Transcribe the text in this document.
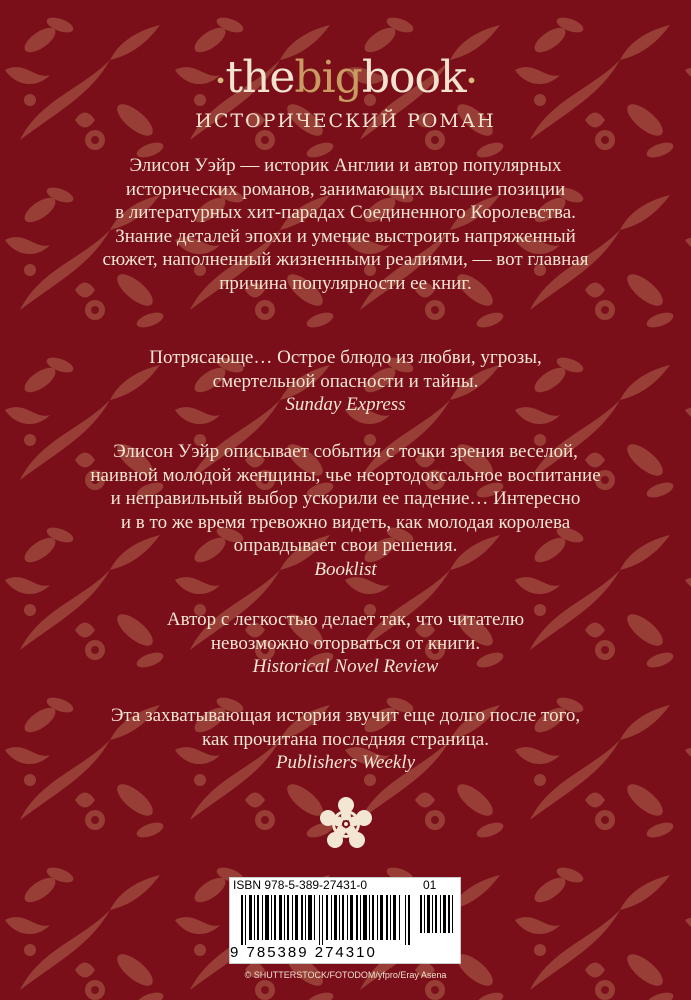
•thebigbook•
ИСТОРИЧЕСКИЙ РОМАН
Элисон Уэйр — историк Англии и автор популярных
исторических романов, занимающих высшие позиции
в литературных хит-парадах Соединенного Королевства.
Знание деталей эпохи и умение выстроить напряженный
сюжет, наполненный жизненными реалиями, — вот главная
причина популярности ее книг.
Потрясающе… Острое блюдо из любви, угрозы,
смертельной опасности и тайны.
Sunday Express
Элисон Уэйр описывает события с точки зрения веселой,
наивной молодой женщины, чье неортодоксальное воспитание
и неправильный выбор ускорили ее падение… Интересно
и в то же время тревожно видеть, как молодая королева
оправдывает свои решения.
Booklist
Автор с легкостью делает так, что читателю
невозможно оторваться от книги.
Historical Novel Review
Эта захватывающая история звучит еще долго после того,
как прочитана последняя страница.
Publishers Weekly
ISBN 978-5-389-27431-0	01
9 785389 274310
© SHUTTERSTOCK/FOTODOM/yfpro/Eray Asena
